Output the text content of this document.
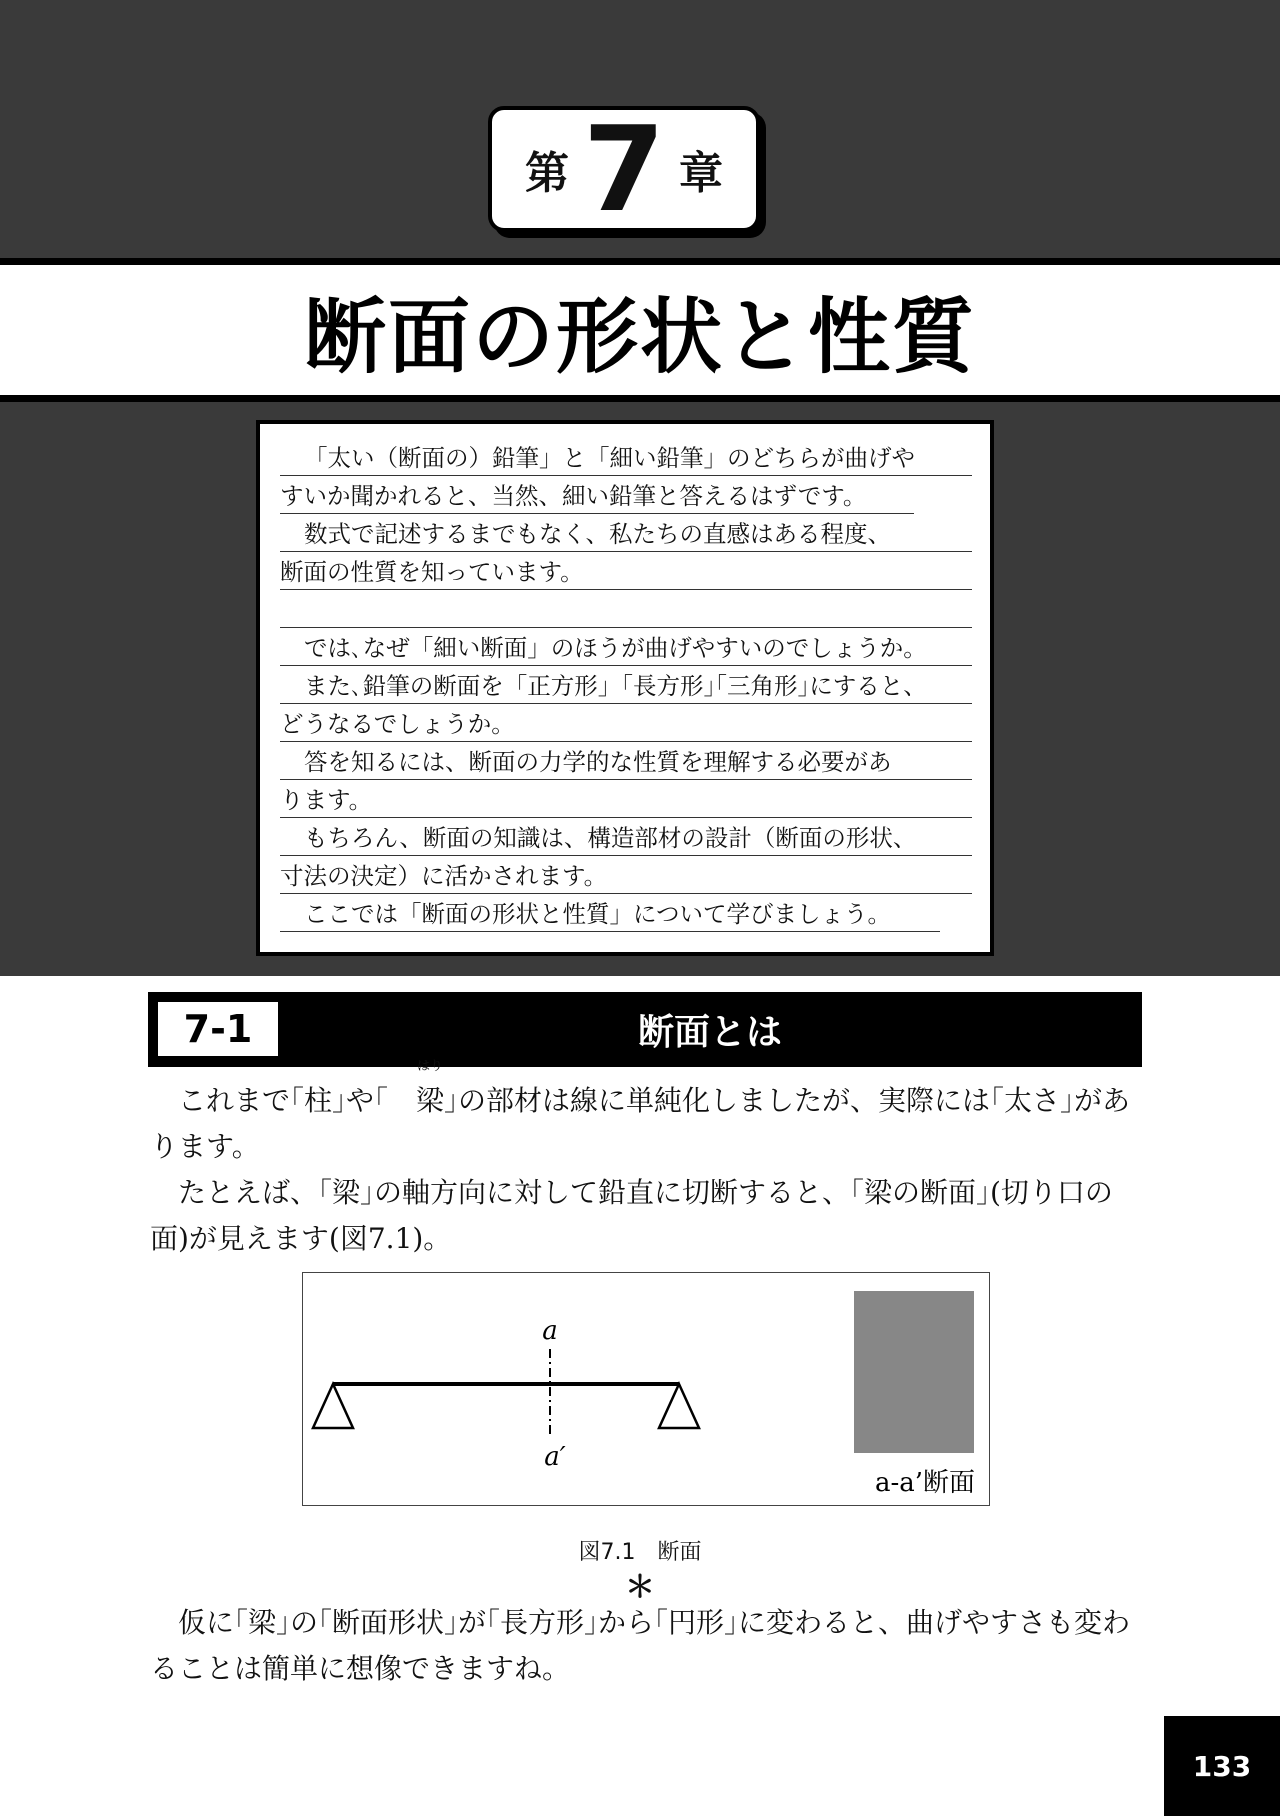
第 7 章
断面の形状と性質
「太い（断面の）鉛筆」と「細い鉛筆」のどちらが曲げや
すいか聞かれると、当然、細い鉛筆と答えるはずです。
数式で記述するまでもなく、私たちの直感はある程度、
断面の性質を知っています。
では､なぜ「細い断面」のほうが曲げやすいのでしょうか。
また､鉛筆の断面を「正方形」｢長方形｣｢三角形｣にすると、
どうなるでしょうか。
答を知るには、断面の力学的な性質を理解する必要があ
ります。
もちろん、断面の知識は、構造部材の設計（断面の形状、
寸法の決定）に活かされます。
ここでは「断面の形状と性質」について学びましょう。
7-1	断面とは

これまで｢柱｣や｢
はり
梁｣の部材は線に単純化しましたが、実際には｢太さ｣があります。

たとえば、｢梁｣の軸方向に対して鉛直に切断すると、｢梁の断面｣(切り口の面)が見えます(図7.1)。

a
a′
a-a’断面
図7.1　断面
＊

仮に｢梁｣の｢断面形状｣が｢長方形｣から｢円形｣に変わると、曲げやすさも変わることは簡単に想像できますね。

133
